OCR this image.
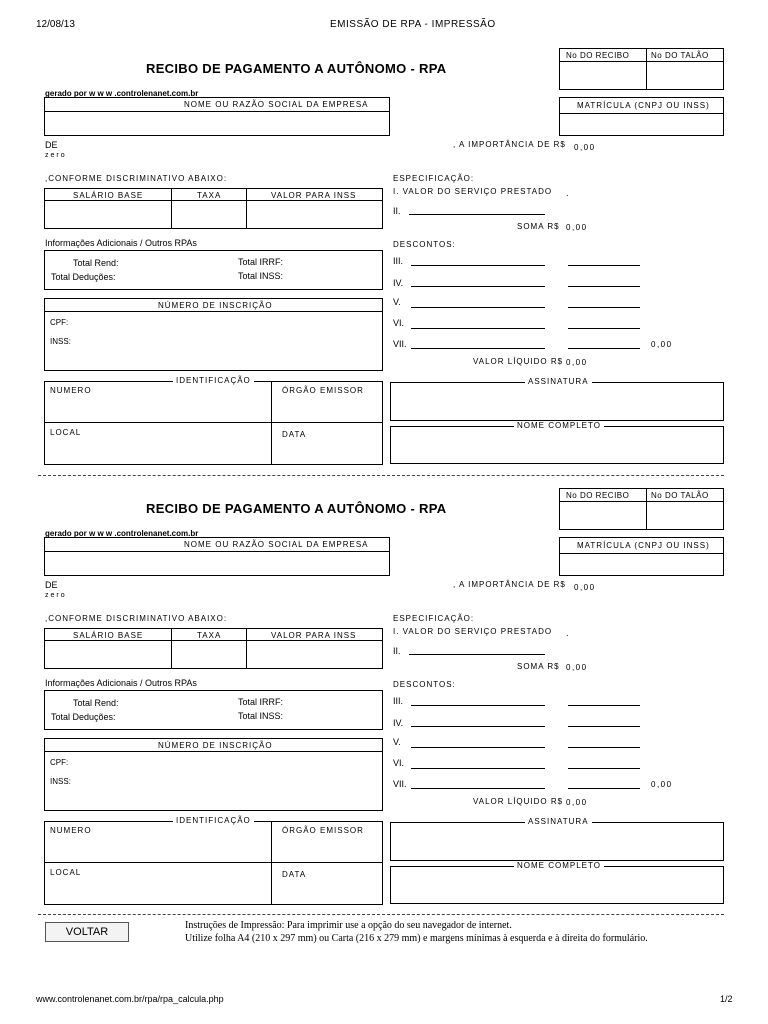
12/08/13	EMISSÃO DE RPA - IMPRESSÃO
No DO RECIBO	No DO TALÃO
RECIBO DE PAGAMENTO A AUTÔNOMO - RPA
gerado por w w w .controlenanet.com.br
NOME OU RAZÃO SOCIAL DA EMPRESA	MATRÍCULA (CNPJ OU INSS)
DE
zero
, A IMPORTÂNCIA DE R$ 0,00
,CONFORME DISCRIMINATIVO ABAIXO:
SALÁRIO BASE	TAXA	VALOR PARA INSS
Informações Adicionais / Outros RPAs
Total Rend:	Total IRRF:
Total Deduções:	Total INSS:
NÚMERO DE INSCRIÇÃO
CPF:
INSS:
IDENTIFICAÇÃO
NUMERO	ÓRGÃO EMISSOR
LOCAL	DATA
ESPECIFICAÇÃO:
I. VALOR DO SERVIÇO PRESTADO .
II.
SOMA R$ 0,00
DESCONTOS:
III.
IV.
V.
VI.
VII.	0,00
VALOR LÍQUIDO R$ 0,00
ASSINATURA
NOME COMPLETO
No DO RECIBO	No DO TALÃO
RECIBO DE PAGAMENTO A AUTÔNOMO - RPA
gerado por w w w .controlenanet.com.br
NOME OU RAZÃO SOCIAL DA EMPRESA	MATRÍCULA (CNPJ OU INSS)
DE
zero
, A IMPORTÂNCIA DE R$ 0,00
,CONFORME DISCRIMINATIVO ABAIXO:
SALÁRIO BASE	TAXA	VALOR PARA INSS
Informações Adicionais / Outros RPAs
Total Rend:	Total IRRF:
Total Deduções:	Total INSS:
NÚMERO DE INSCRIÇÃO
CPF:
INSS:
IDENTIFICAÇÃO
NUMERO	ÓRGÃO EMISSOR
LOCAL	DATA
ESPECIFICAÇÃO:
I. VALOR DO SERVIÇO PRESTADO .
II.
SOMA R$ 0,00
DESCONTOS:
III.
IV.
V.
VI.
VII.	0,00
VALOR LÍQUIDO R$ 0,00
ASSINATURA
NOME COMPLETO
VOLTAR
Instruções de Impressão: Para imprimir use a opção do seu navegador de internet.
Utilize folha A4 (210 x 297 mm) ou Carta (216 x 279 mm) e margens mínimas à esquerda e à direita do formulário.
www.controlenanet.com.br/rpa/rpa_calcula.php	1/2
